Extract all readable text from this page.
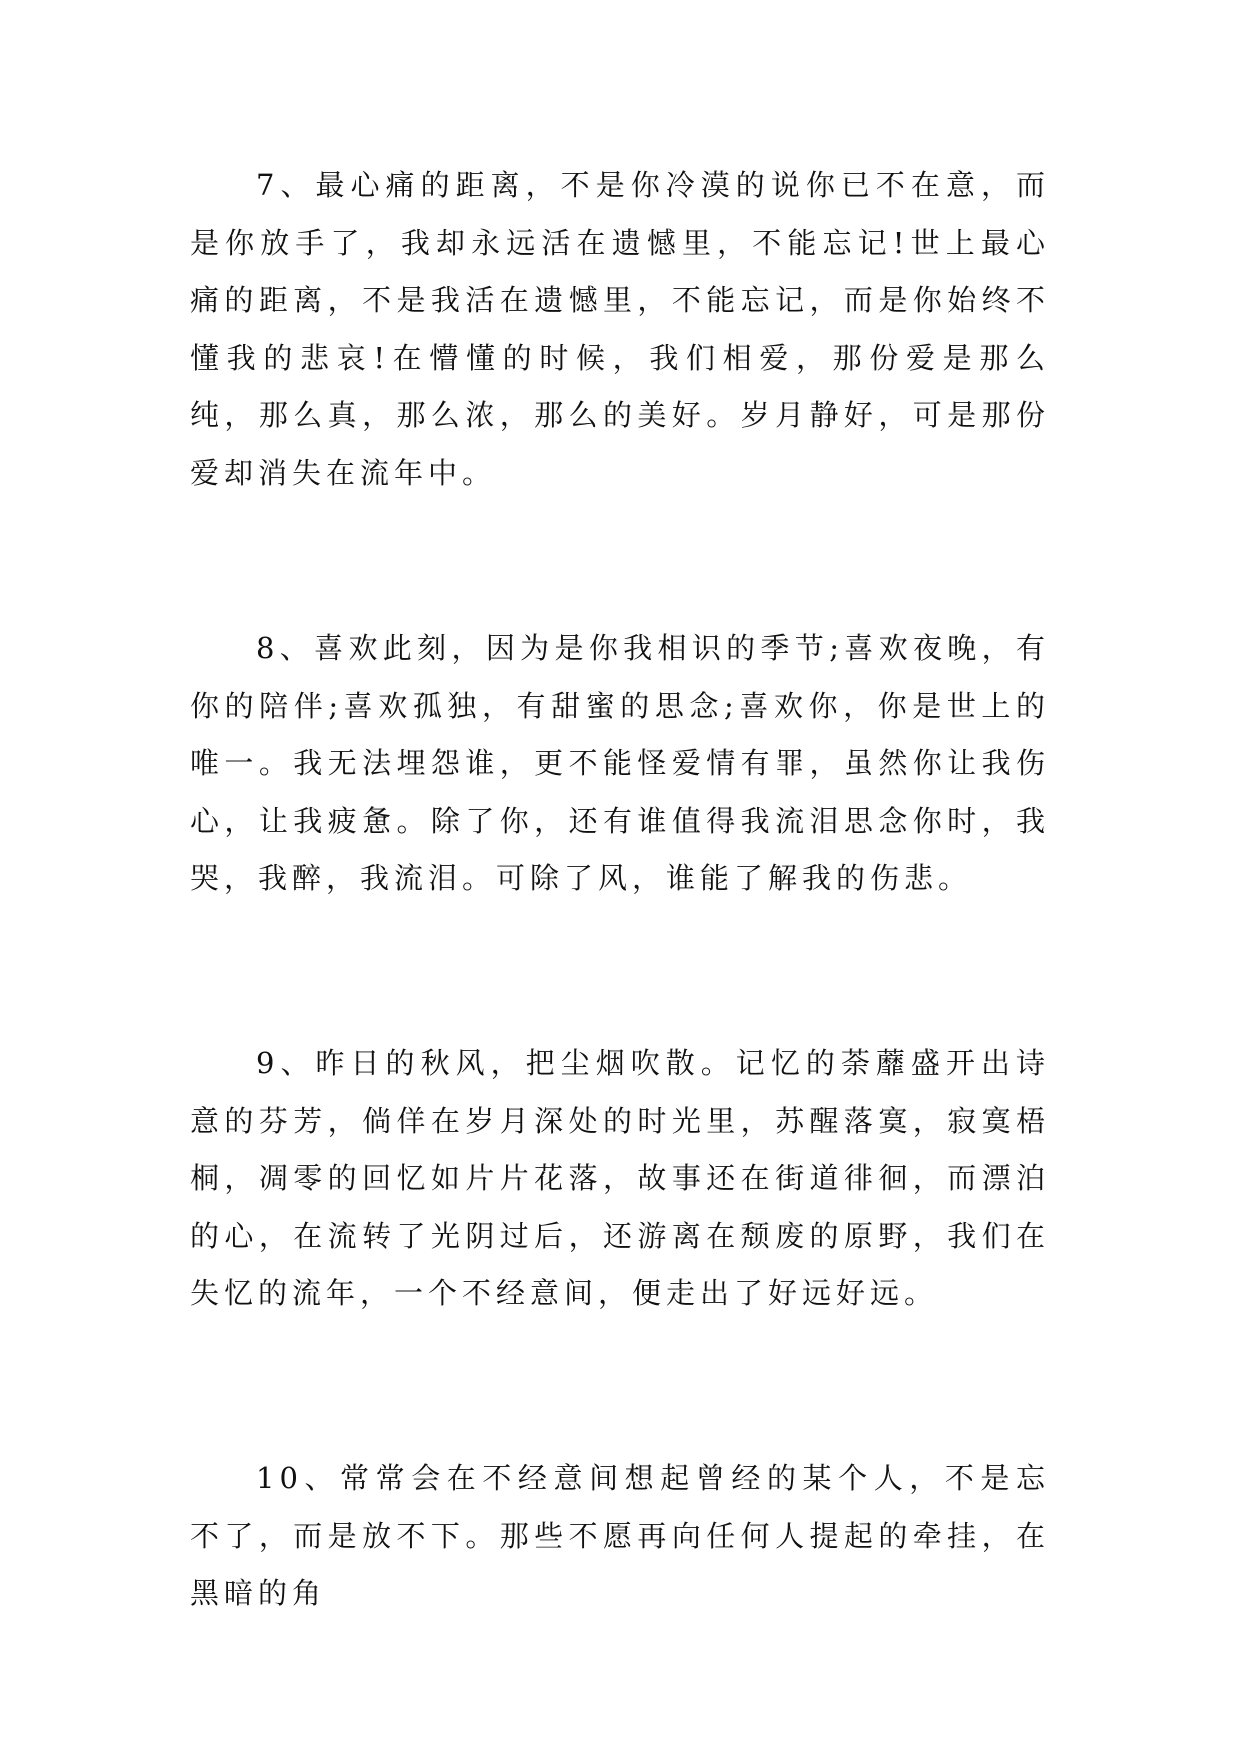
7、最心痛的距离，不是你冷漠的说你已不在意，而是你放手了，我却永远活在遗憾里，不能忘记!世上最心痛的距离，不是我活在遗憾里，不能忘记，而是你始终不懂我的悲哀!在懵懂的时候，我们相爱，那份爱是那么纯，那么真，那么浓，那么的美好。岁月静好，可是那份爱却消失在流年中。

8、喜欢此刻，因为是你我相识的季节;喜欢夜晚，有你的陪伴;喜欢孤独，有甜蜜的思念;喜欢你，你是世上的唯一。我无法埋怨谁，更不能怪爱情有罪，虽然你让我伤心，让我疲惫。除了你，还有谁值得我流泪思念你时，我哭，我醉，我流泪。可除了风，谁能了解我的伤悲。

9、昨日的秋风，把尘烟吹散。记忆的荼蘼盛开出诗意的芬芳，倘佯在岁月深处的时光里，苏醒落寞，寂寞梧桐，凋零的回忆如片片花落，故事还在街道徘徊，而漂泊的心，在流转了光阴过后，还游离在颓废的原野，我们在失忆的流年，一个不经意间，便走出了好远好远。

10、常常会在不经意间想起曾经的某个人，不是忘不了，而是放不下。那些不愿再向任何人提起的牵挂，在黑暗的角
